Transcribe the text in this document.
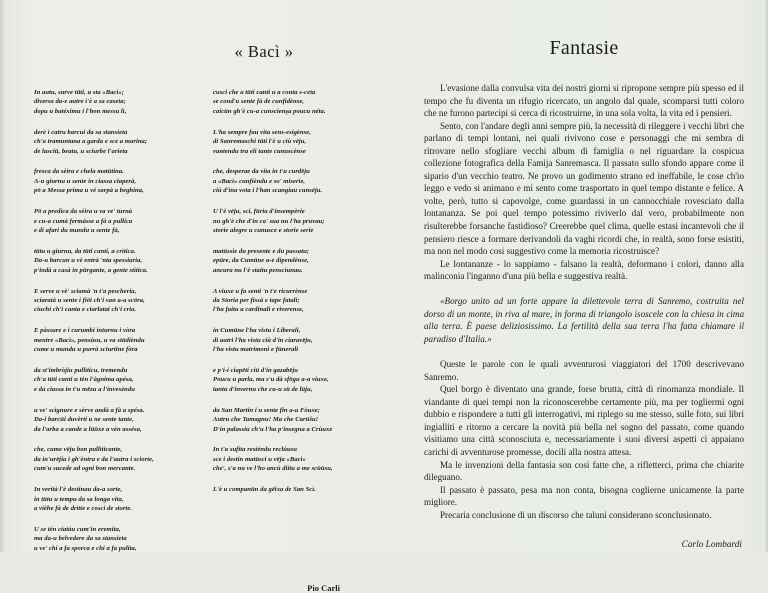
« Bacì »

In autu, surve tüti, u sta «Bacì»;

diversa da-e autre i'è a sa caseta;

dopu u batéximu i l'hon messu lì,

derè i catru barcui da sa stansieta

ch'a tramuntana a garda e sce a marina;

de lasciü, beatu, u sciurbe l'arieta

fresca da sèira e chela matütina.

A-u giurnu u sente in ciassa ciaperà,

pö a Messa prima u vè sarpà a beghina,

Pö a predica da sèira u va ve' turnà

e cu-a cumà fermàsse a fà a pullica

e di afari du mundu u sente fà,

tütu u giurnu, da tüti canti, a crìtica.

Da-u barcun u vè entrà 'nta spessiaria,

p'indà a casà in pürgante, a gente stìtica.

E serve u vè' sciamà 'n t'a pescheria,

sciaratà u sente i fiöi ch'i van a-a scöra,

ciuchi ch'i canta e ciarlatai ch'i cria.

E pàssure e i curumbi inturnu i vòra

mentre «Bacì», pensùsu, u va stüdièndu

cume u mundu u purrà sciurtine fòra

da st'imbròjiu pullìticu, tremendu

ch'a tüti canti u tèn l'àgnima apésa,

e da ciassa in t'u mëzu a l'invesèndu

u ve' scignure e sèrve andà a fà a spésa.

Da-i barcüi duvèrti u ne sente tante,

da l'arba a cande a lüüxe a vèn assésa,

che, cume vëju bon pullìticante,

da in'urëjia i gh'èntra e da l'autra i sciorte,

cum'u sucede ad ogni bon mercante.

In verità l'è destinau da-a sorte,

in tütu u tempu da sa longa vita,

a vièhe fà de drìtte e cosci de storte.

U se tèn ciatàu cum'in eremita,

ma da-u belvedere da sa stansieta

u ve' chi a fa sporca e chi a fa pulita,

cusci che a tüti canti u a conta s-ceta

se cond'u sente fà de cunfidènse,

caicün gh'è cu-a cunscienșa poucu néta.

L'ha sempre fau vita sens-esigènse,

di Sanremaschi tüti l'è u ciù vëju,

vantendu tra eli tante cunuscènse

che, desperae da vita in t'u curdëju

a «Bacì» cunfièndu e so' miserie,

ciù d'ina vota i l'han scangiau cunsëju.

U l'è vëju, sci, füria d'insempèrie

nu gh'è che d'in ca' sua nu l'ha pruvau;

storie alegre u cunusce e storie serie

matüssie du presente e du passatu;

epüre, da Cumüne a-e dipendènse,

ancura nu l'è staitu pensciunau.

A viuxe u fa senti 'n t'e ricurrènse

da Storia per fissà e tape fatali;

l'ha faitu a cardinali e riverense,

in Cumüne l'ha vistu i Liberali,

di autri l'ha vistu ciù d'in ciaravëju,

l'ha vistu matrimoni e fünerali

e p'i-i ciapëti ciü d'in gazabëju

Poucu u parla, ma s'u dà sfögu a-a viuxe,

tantu d'invernu che cu-u sü de lüju,

da San Martin i u sente fin a-a Fòuxe;

Autru che Tamagnu! Ma che Carüšu!

D'in palassiu ch'u l'ha p'insegna a Crùuxe

In t'a sufita restèndu reclùusu

sce i destin matüsci u vëja «Bacì»

che', s'a nu ve l'ho ancù diitu a me scüüsu,

L'è u companün da gëixa de San Scì.

Pio Carli
Fantasie

L'evasione dalla convulsa vita dei nostri giorni si ripropone sempre più spesso ed il tempo che fu diventa un rifugio ricercato, un angolo dal quale, scomparsi tutti coloro che ne furono partecipi si cerca di ricostruirne, in una sola volta, la vita ed i pensieri.

Sento, con l'andare degli anni sempre più, la necessità di rileggere i vecchi libri che parlano di tempi lontani, nei quali rivivono cose e personaggi che mi sembra di ritrovare nello sfogliare vecchi album di famiglia o nel riguardare la cospicua collezione fotografica della Famija Sanremasca. Il passato sullo sfondo appare come il sipario d'un vecchio teatro. Ne provo un godimento strano ed ineffabile, le cose ch'io leggo e vedo si animano e mi sento come trasportato in quel tempo distante e felice. A volte, però, tutto si capovolge, come guardassi in un cannocchiale rovesciato dalla lontananza. Se poi quel tempo potessimo riviverlo dal vero, probabilmente non risulterebbe forsanche fastidioso? Creerebbe quel clima, quelle estasi incantevoli che il pensiero riesce a formare derivandoli da vaghi ricordi che, in realtà, sono forse esistiti, ma non nel modo cosi suggestivo come la memoria ricostruisce?

Le lontananze - lo sappiamo - falsano la realtà, deformano i colori, danno alla malinconia l'inganno d'una più bella e suggestiva realtà.

«Borgo unito ad un forte appare la dilettevole terra di Sanremo, costruita nel dorso di un monte, in riva al mare, in forma di triangolo isoscele con la chiesa in cima alla terra. È paese deliziosissimo. La fertilità della sua terra l'ha fatta chiamare il paradiso d'Italia.»

Queste le parole con le quali avventurosi viaggiatori del 1700 descrivevano Sanremo.

Quel borgo è diventato una grande, forse brutta, città di rinomanza mondiale. Il viandante di quei tempi non la riconoscerebbe certamente più, ma per togliermi ogni dubbio e rispondere a tutti gli interrogativi, mi riplego su me stesso, sulle foto, sui libri ingialliti e ritorno a cercare la novità più bella nel sogno del passato, come quando visitiamo una città sconosciuta e, necessariamente i suoi diversi aspetti ci appaiano carichi di avventurose promesse, docili alla nostra attesa.

Ma le invenzioni della fantasia son cosi fatte che, a rifletterci, prima che chiarite dileguano.

Il passato è passato, pesa ma non conta, bisogna coglierne unicamente la parte migliore.

Precaria conclusione di un discorso che taluni considerano sconclusionato.

Carlo Lombardi
